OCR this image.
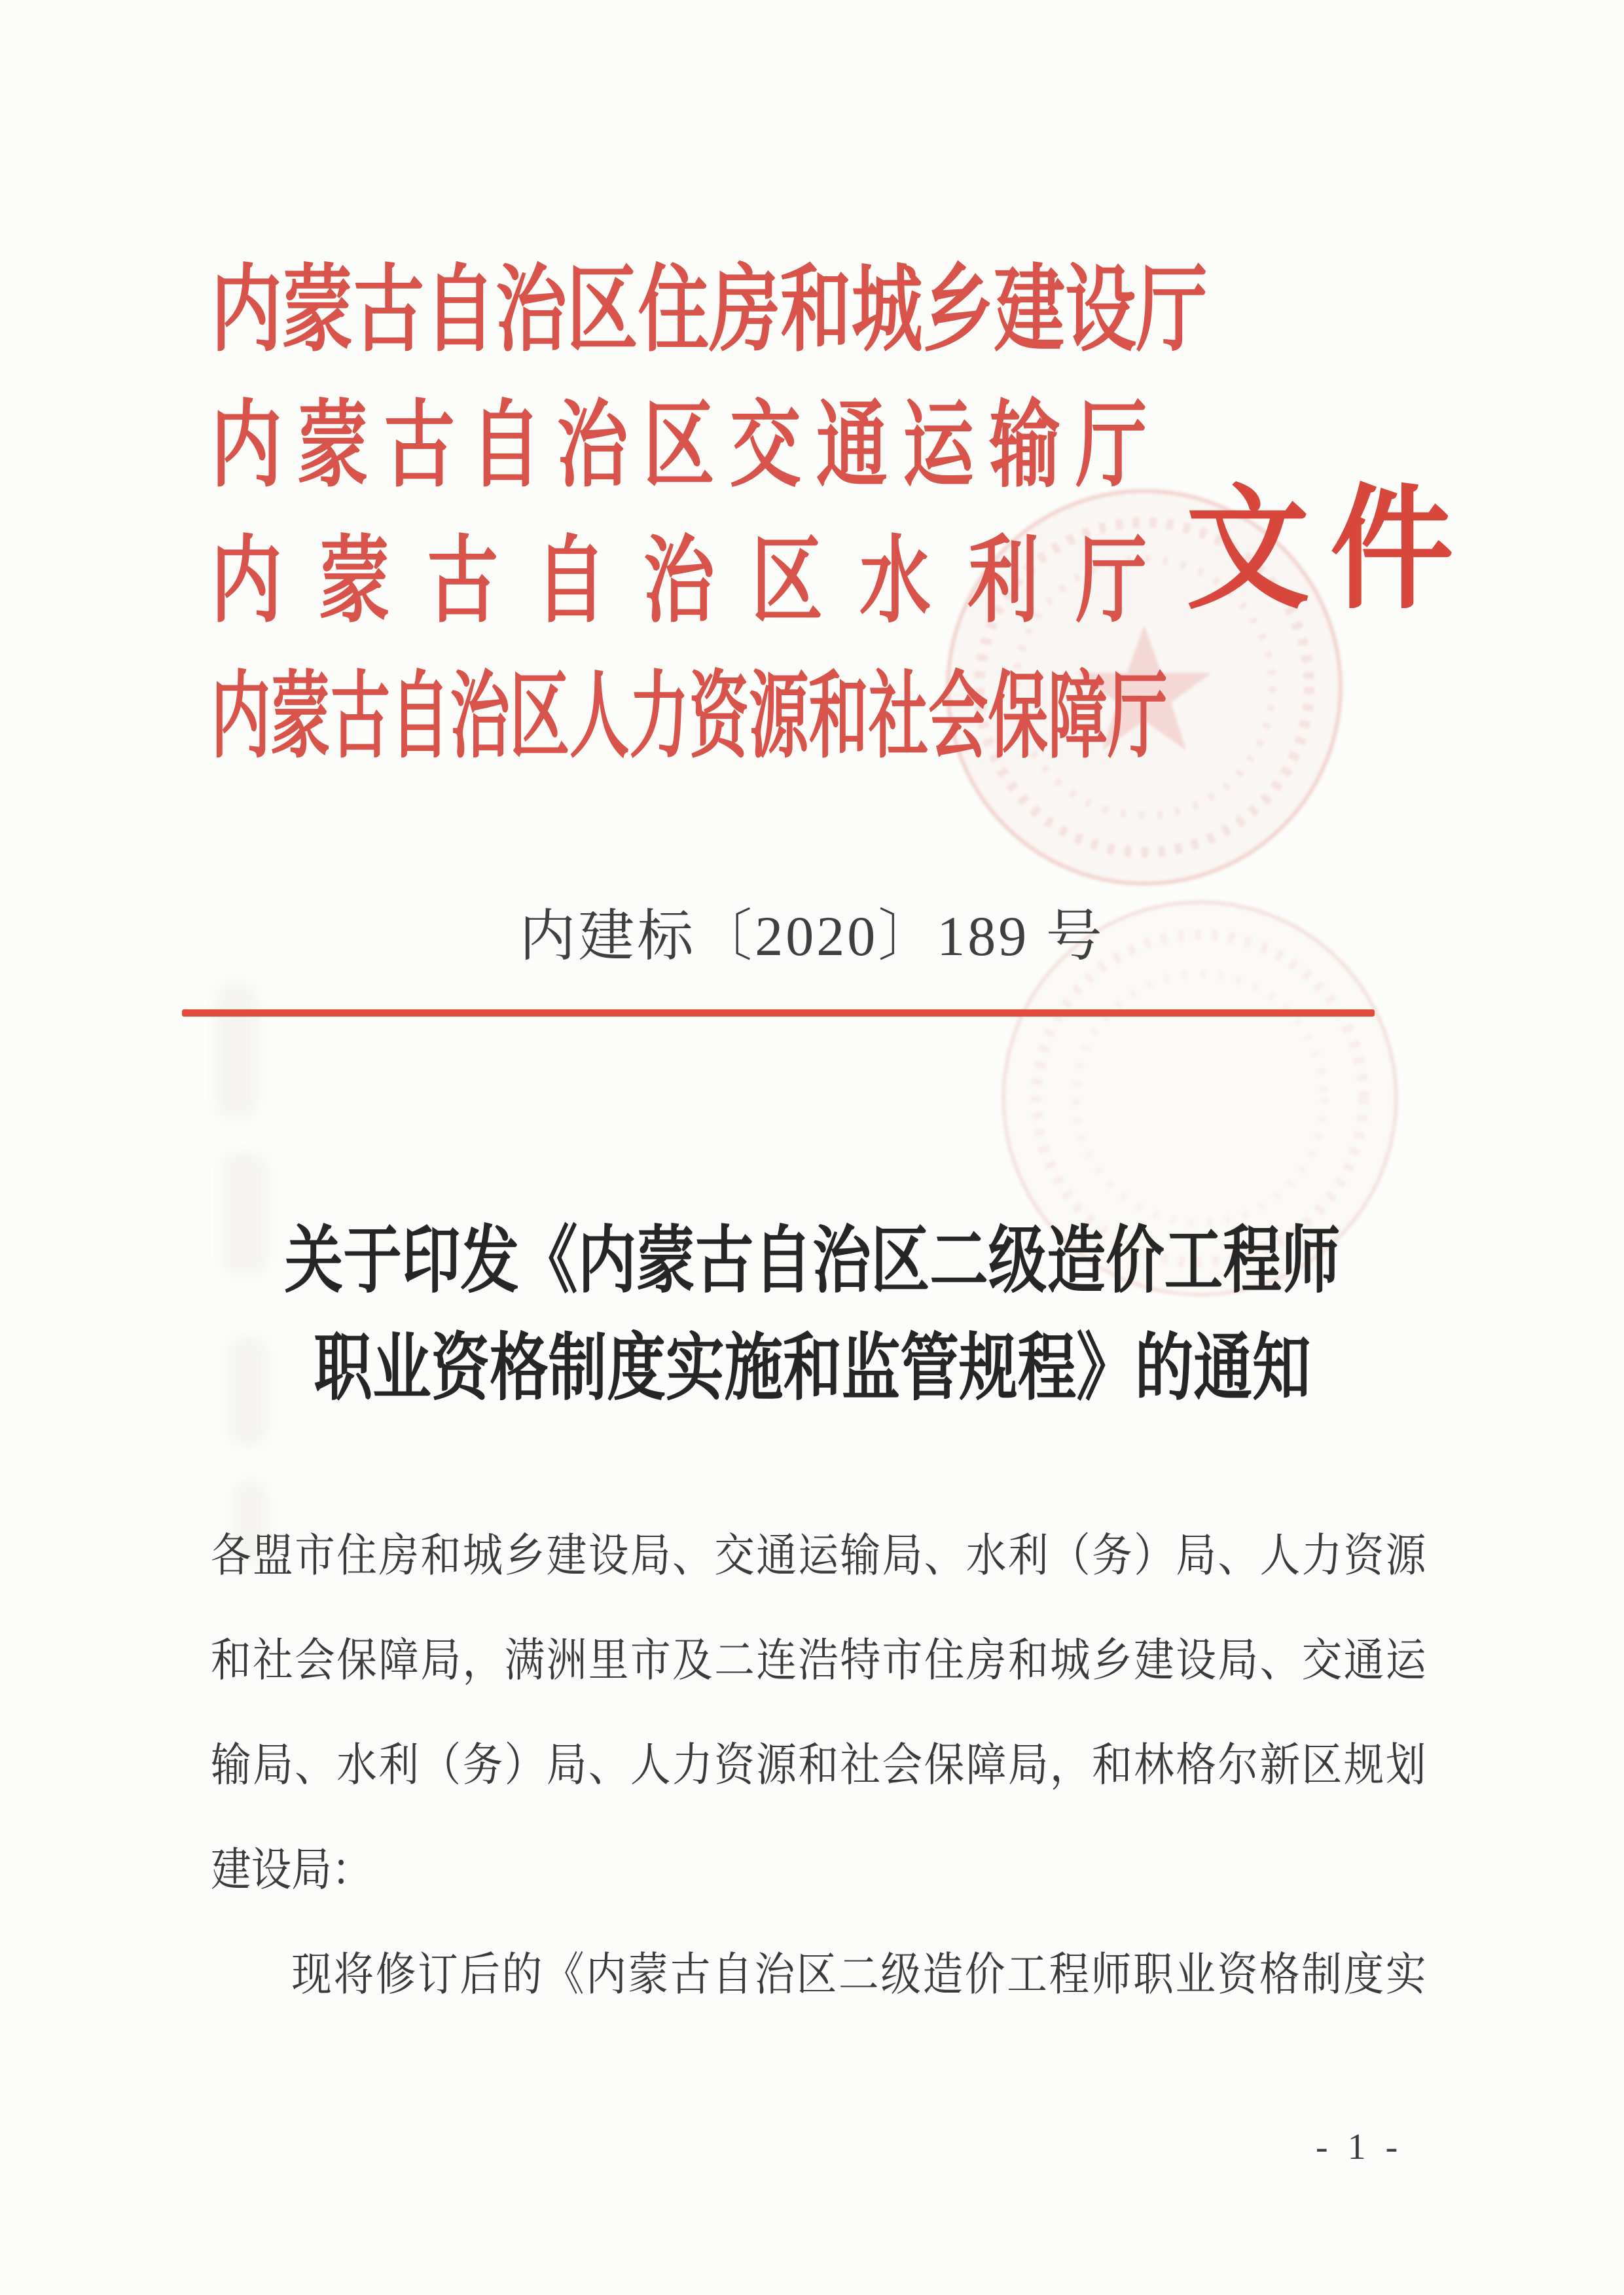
内 蒙 古 自 治 区 住 房 和 城 乡 建 设 厅
内 蒙 古 自 治 区 交 通 运 输 厅
内 蒙 古 自 治 区 水 利 厅
内 蒙 古 自 治 区 人 力 资 源 和 社 会 保 障 厅
文件
内建标〔2020〕189 号
关于印发《内蒙古自治区二级造价工程师
职业资格制度实施和监管规程》的通知
各 盟 市 住 房 和 城 乡 建 设 局 、 交 通 运 输 局 、 水 利 （ 务 ） 局 、 人 力 资 源
和 社 会 保 障 局 ， 满 洲 里 市 及 二 连 浩 特 市 住 房 和 城 乡 建 设 局 、 交 通 运
输 局 、 水 利 （ 务 ） 局 、 人 力 资 源 和 社 会 保 障 局 ， 和 林 格 尔 新 区 规 划
建设局：
现 将 修 订 后 的 《 内 蒙 古 自 治 区 二 级 造 价 工 程 师 职 业 资 格 制 度 实
- 1 -
